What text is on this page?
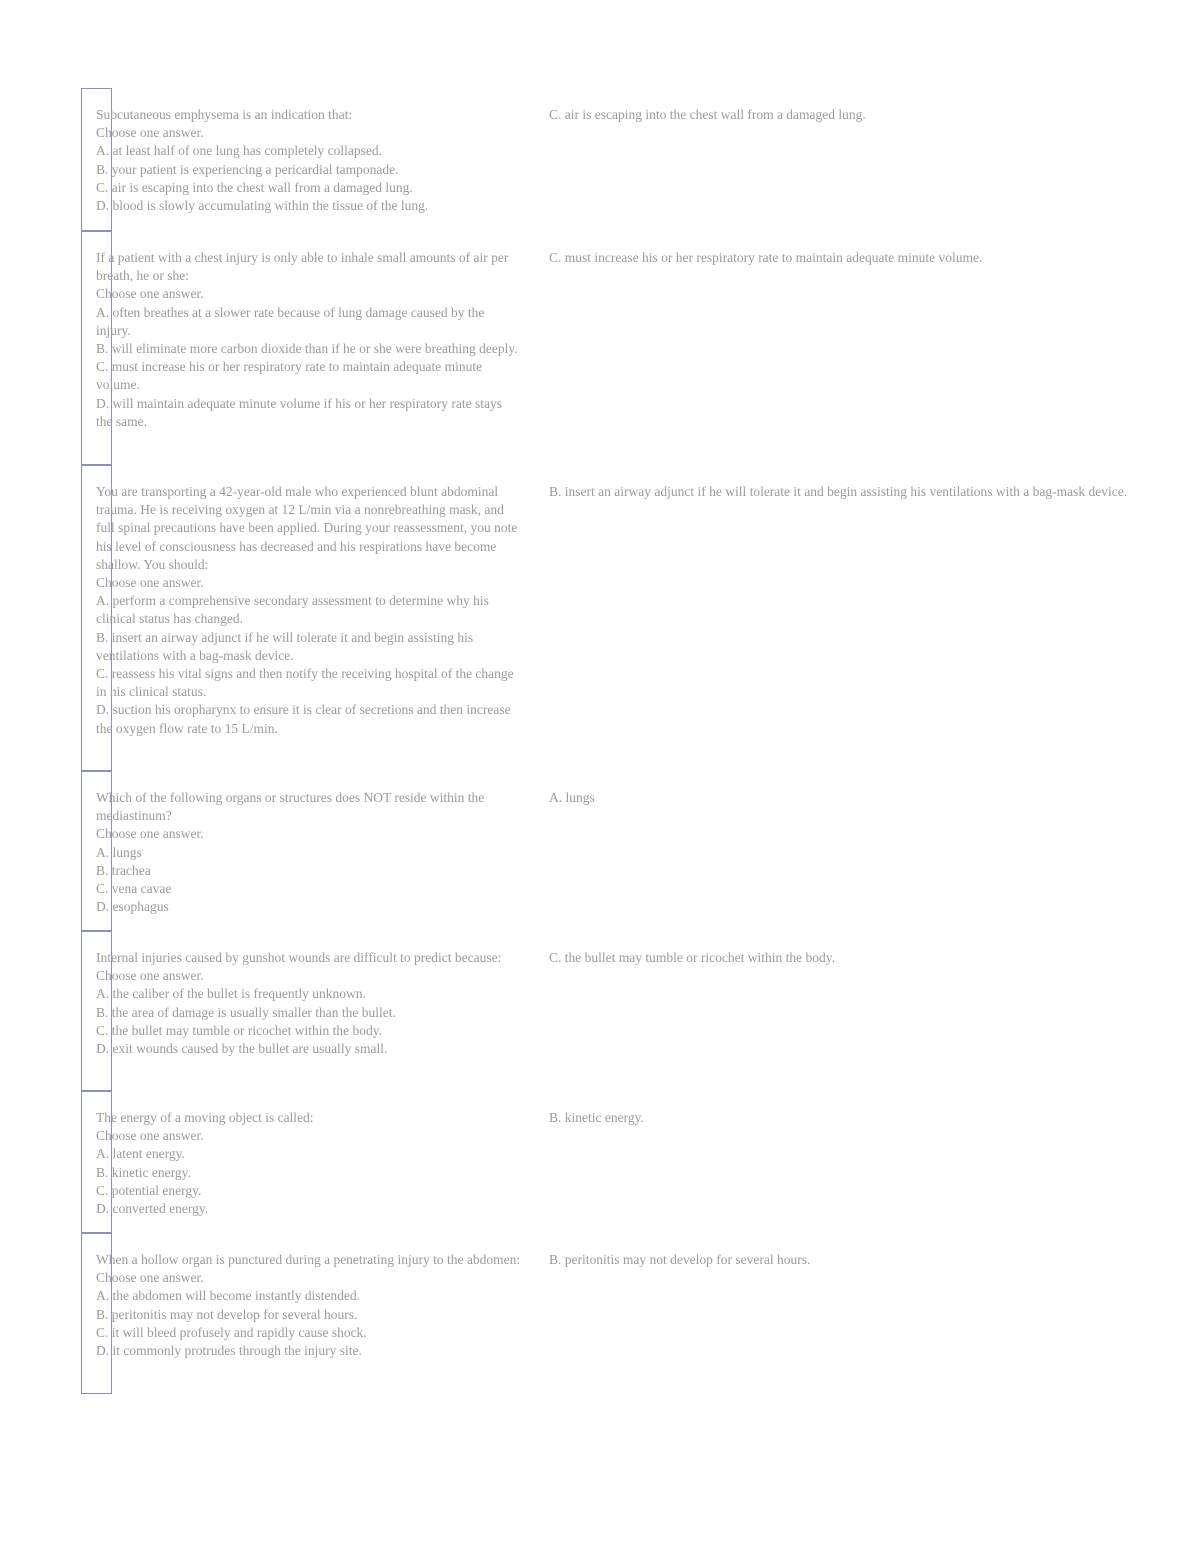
Subcutaneous emphysema is an indication that:
Choose one answer.
A. at least half of one lung has completely collapsed.
B. your patient is experiencing a pericardial tamponade.
C. air is escaping into the chest wall from a damaged lung.
D. blood is slowly accumulating within the tissue of the lung.
C. air is escaping into the chest wall from a damaged lung.
If a patient with a chest injury is only able to inhale small amounts of air per breath, he or she:
Choose one answer.
A. often breathes at a slower rate because of lung damage caused by the injury.
B. will eliminate more carbon dioxide than if he or she were breathing deeply.
C. must increase his or her respiratory rate to maintain adequate minute volume.
D. will maintain adequate minute volume if his or her respiratory rate stays the same.
C. must increase his or her respiratory rate to maintain adequate minute volume.
You are transporting a 42-year-old male who experienced blunt abdominal trauma. He is receiving oxygen at 12 L/min via a nonrebreathing mask, and full spinal precautions have been applied. During your reassessment, you note his level of consciousness has decreased and his respirations have become shallow. You should:
Choose one answer.
A. perform a comprehensive secondary assessment to determine why his clinical status has changed.
B. insert an airway adjunct if he will tolerate it and begin assisting his ventilations with a bag-mask device.
C. reassess his vital signs and then notify the receiving hospital of the change in his clinical status.
D. suction his oropharynx to ensure it is clear of secretions and then increase the oxygen flow rate to 15 L/min.
B. insert an airway adjunct if he will tolerate it and begin assisting his ventilations with a bag-mask device.
Which of the following organs or structures does NOT reside within the mediastinum?
Choose one answer.
A. lungs
B. trachea
C. vena cavae
D. esophagus
A. lungs
Internal injuries caused by gunshot wounds are difficult to predict because:
Choose one answer.
A. the caliber of the bullet is frequently unknown.
B. the area of damage is usually smaller than the bullet.
C. the bullet may tumble or ricochet within the body.
D. exit wounds caused by the bullet are usually small.
C. the bullet may tumble or ricochet within the body.
The energy of a moving object is called:
Choose one answer.
A. latent energy.
B. kinetic energy.
C. potential energy.
D. converted energy.
B. kinetic energy.
When a hollow organ is punctured during a penetrating injury to the abdomen:
Choose one answer.
A. the abdomen will become instantly distended.
B. peritonitis may not develop for several hours.
C. it will bleed profusely and rapidly cause shock.
D. it commonly protrudes through the injury site.
B. peritonitis may not develop for several hours.
